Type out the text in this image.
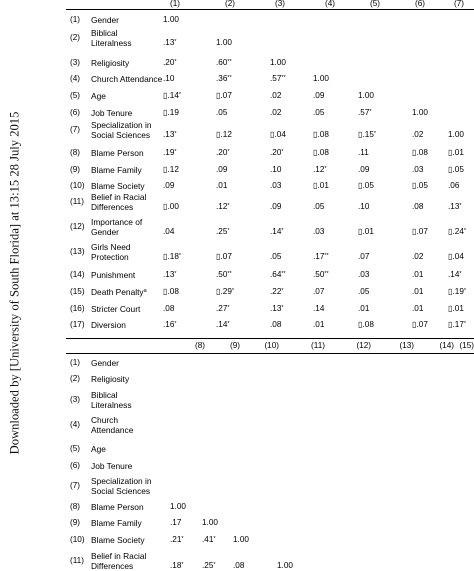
Downloaded by [University of South Florida] at 13:15 28 July 2015
(1)	(2)	(3)	(4)	(5)	(6)	(7)
(1) Gender	1.00
(2) Biblical
Literalness	.13*	1.00
(3) Religiosity	.20*	.60**	1.00
(4) Church Attendance .10	.36**	.57**	1.00
(5) Age	▯.14*	▯.07	.02	.09	1.00
(6) Job Tenure	▯.19	.05	.02	.05	.57*	1.00
(7) Specialization in
Social Sciences .13*	▯.12	▯.04	▯.08	▯.15*	.02	1.00
(8) Blame Person .19*	.20*	.20*	▯.08	.11	▯.08 ▯.01
(9) Blame Family	▯.12	.09	.10	.12*	.09	.03	▯.05
(10) Blame Society .09	.01	.03	▯.01	▯.05	▯.05 .06
(11) Belief in Racial
Differences	▯.00	.12*	.09	.05	.10	.08	.13*
(12) Importance of
Gender	.04	.25*	.14*	.03	▯.01	▯.07 ▯.24*
(13) Girls Need
Protection	▯.18*	▯.07	.05	.17**	.07	.02	▯.04
(14) Punishment	.13*	.50**	.64**	.50**	.03	.01	.14*
(15) Death Penalty$^a$ ▯.08	▯.29*	.22*	.07	.05	.01	▯.19*
(16) Stricter Court	.08	.27*	.13*	.14	.01	.01	▯.01
(17) Diversion	.16*	.14*	.08	.01	▯.08	▯.07 ▯.17*
(8)	(9)	(10)	(11)	(12)	(13)	(14) (15)
(1) Gender
(2) Religiosity
(3) Biblical
Literalness
(4) Church
Attendance
(5) Age
(6) Job Tenure
(7) Specialization in
Social Sciences
(8) Blame Person	1.00
(9) Blame Family	.17	1.00
(10) Blame Society	.21* .41* 1.00
(11) Belief in Racial
Differences	.18* .25* .08	1.00
